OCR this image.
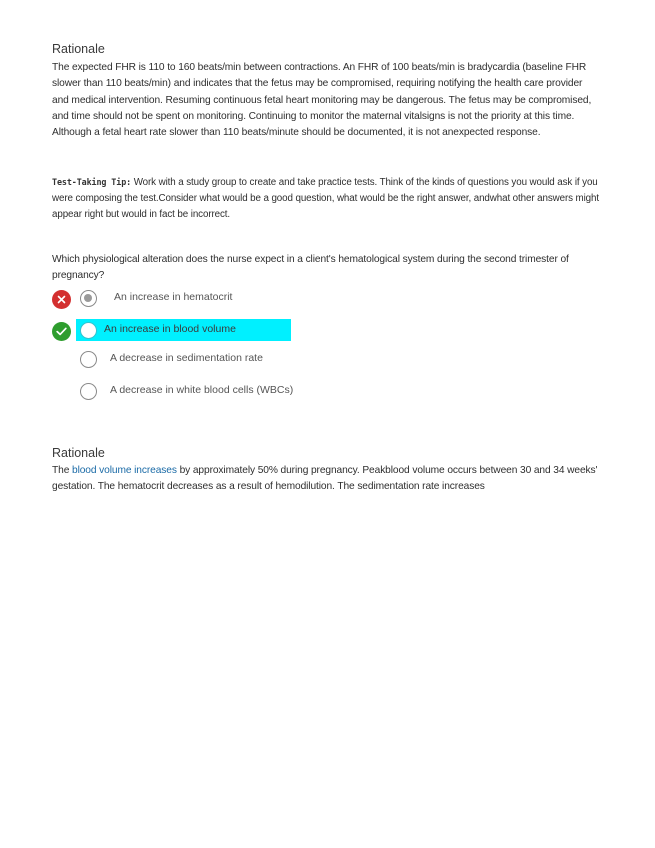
Rationale
The expected FHR is 110 to 160 beats/min between contractions. An FHR of 100 beats/min is bradycardia (baseline FHR slower than 110 beats/min) and indicates that the fetus may be compromised, requiring notifying the health care provider and medical intervention. Resuming continuous fetal heart monitoring may be dangerous. The fetus may be compromised, and time should not be spent on monitoring. Continuing to monitor the maternal vitalsigns is not the priority at this time. Although a fetal heart rate slower than 110 beats/minute should be documented, it is not anexpected response.
Test-Taking Tip: Work with a study group to create and take practice tests. Think of the kinds of questions you would ask if you were composing the test.Consider what would be a good question, what would be the right answer, andwhat other answers might appear right but would in fact be incorrect.
Which physiological alteration does the nurse expect in a client's hematological system during the second trimester of pregnancy?
An increase in hematocrit
An increase in blood volume
A decrease in sedimentation rate
A decrease in white blood cells (WBCs)
Rationale
The blood volume increases by approximately 50% during pregnancy. Peakblood volume occurs between 30 and 34 weeks' gestation. The hematocrit decreases as a result of hemodilution. The sedimentation rate increases
